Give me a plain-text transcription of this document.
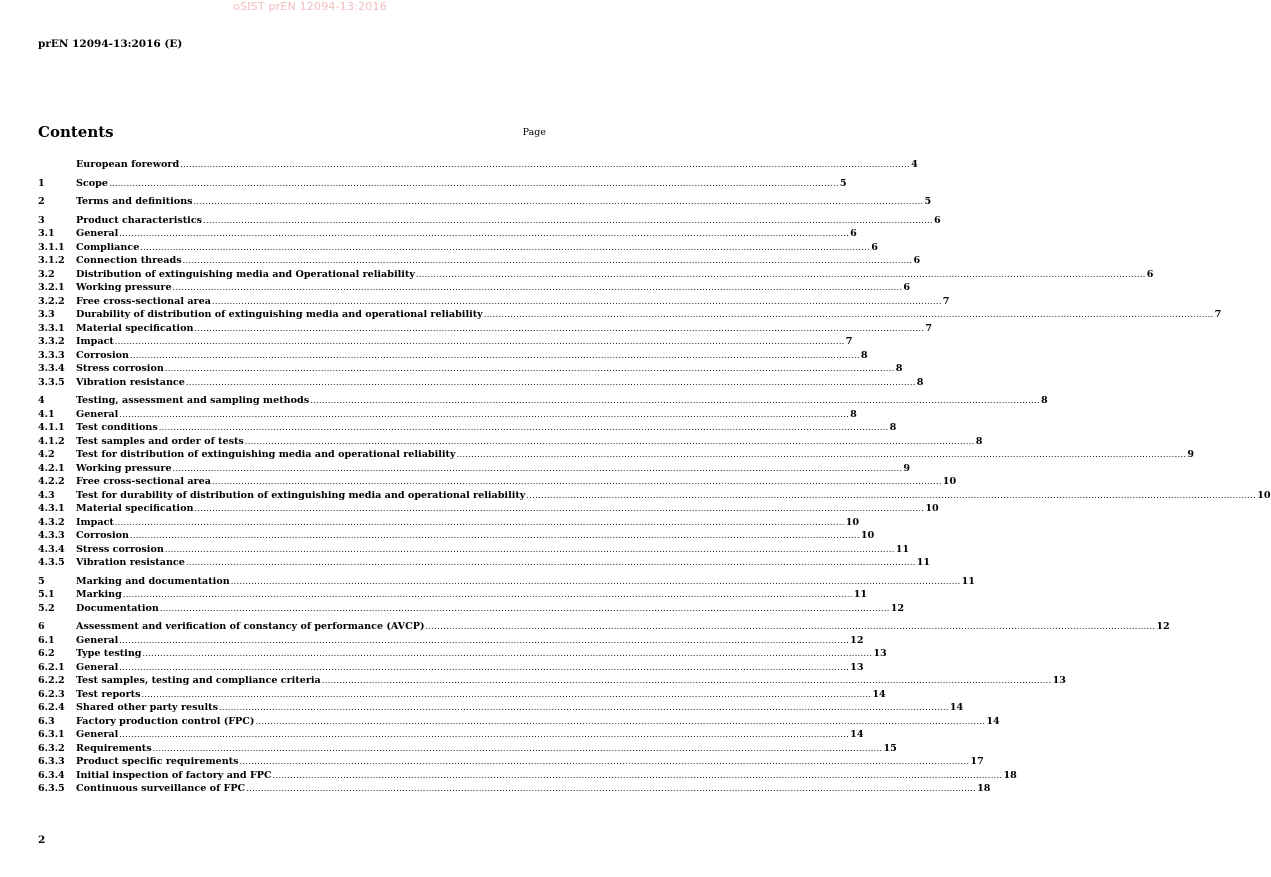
oSIST prEN 12094-13:2016
prEN 12094-13:2016 (E)
Contents	Page
European foreword .....	4
1	Scope .....	5
2	Terms and definitions .....	5
3	Product characteristics .....	6
3.1	General .....	6
3.1.1	Compliance .....	6
3.1.2	Connection threads .....	6
3.2	Distribution of extinguishing media and Operational reliability .....	6
3.2.1	Working pressure .....	6
3.2.2	Free cross-sectional area .....	7
3.3	Durability of distribution of extinguishing media and operational reliability .....	7
3.3.1	Material specification .....	7
3.3.2	Impact .....	7
3.3.3	Corrosion .....	8
3.3.4	Stress corrosion .....	8
3.3.5	Vibration resistance .....	8
4	Testing, assessment and sampling methods .....	8
4.1	General .....	8
4.1.1	Test conditions .....	8
4.1.2	Test samples and order of tests .....	8
4.2	Test for distribution of extinguishing media and operational reliability .....	9
4.2.1	Working pressure .....	9
4.2.2	Free cross-sectional area .....	10
4.3	Test for durability of distribution of extinguishing media and operational reliability .....	10
4.3.1	Material specification .....	10
4.3.2	Impact .....	10
4.3.3	Corrosion .....	10
4.3.4	Stress corrosion .....	11
4.3.5	Vibration resistance .....	11
5	Marking and documentation .....	11
5.1	Marking .....	11
5.2	Documentation .....	12
6	Assessment and verification of constancy of performance (AVCP) .....	12
6.1	General .....	12
6.2	Type testing .....	13
6.2.1	General .....	13
6.2.2	Test samples, testing and compliance criteria .....	13
6.2.3	Test reports .....	14
6.2.4	Shared other party results .....	14
6.3	Factory production control (FPC) .....	14
6.3.1	General .....	14
6.3.2	Requirements .....	15
6.3.3	Product specific requirements .....	17
6.3.4	Initial inspection of factory and FPC .....	18
6.3.5	Continuous surveillance of FPC .....	18
2
